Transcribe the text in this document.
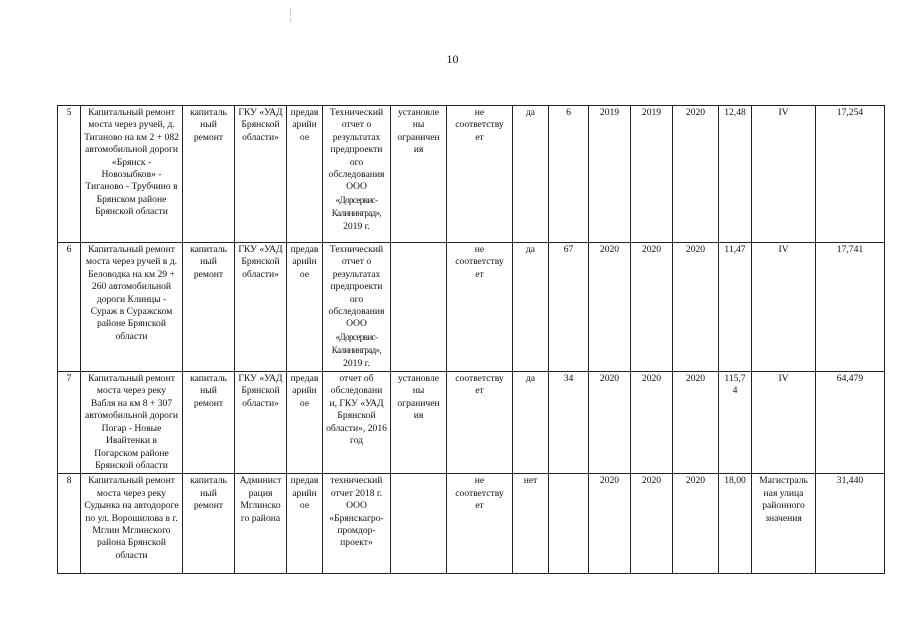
10
5	Капитальный ремонт моста через ручей, д. Тиганово на км 2 + 082 автомобильной дороги «Брянск - Новозыбков» - Тиганово - Трубчино в Брянском районе Брянской области	капиталь ный ремонт	ГКУ «УАД Брянской области»	предав арийн ое	Технический отчет о результатах предпроекти ого обследования ООО
«Дорсервис-Калининград»,
2019 г.	установле ны ограничен ия	не соответству ет	да	6	2019	2019	2020	12,48	IV	17,254
6	Капитальный ремонт моста через ручей в д. Беловодка на км 29 + 260 автомобильной дороги Клинцы - Сураж в Суражском районе Брянской области	капиталь ный ремонт	ГКУ «УАД Брянской области»	предав арийн ое	Технический отчет о результатах предпроекти ого обследования ООО
«Дорсервис-Калининград»,
2019 г.		не соответству ет	да	67	2020	2020	2020	11,47	IV	17,741
7	Капитальный ремонт моста через реку Вабля на км 8 + 307 автомобильной дороги Погар - Новые Ивайтенки в Погарском районе Брянской области	капиталь ный ремонт	ГКУ «УАД Брянской области»	предав арийн ое	отчет об обследовани и, ГКУ «УАД Брянской области», 2016 год	установле ны ограничен ия	соответству ет	да	34	2020	2020	2020	115,74	IV	64,479
8	Капитальный ремонт моста через реку Судынка на автодороге по ул. Ворошилова в г. Мглин Мглинского района Брянской области	капиталь ный ремонт	Админист рация Мглинско го района	предав арийн ое	технический отчет 2018 г. ООО «Брянскагро-промдор-проект»		не соответству ет	нет		2020	2020	2020	18,00	Магистраль ная улица районного значения	31,440
